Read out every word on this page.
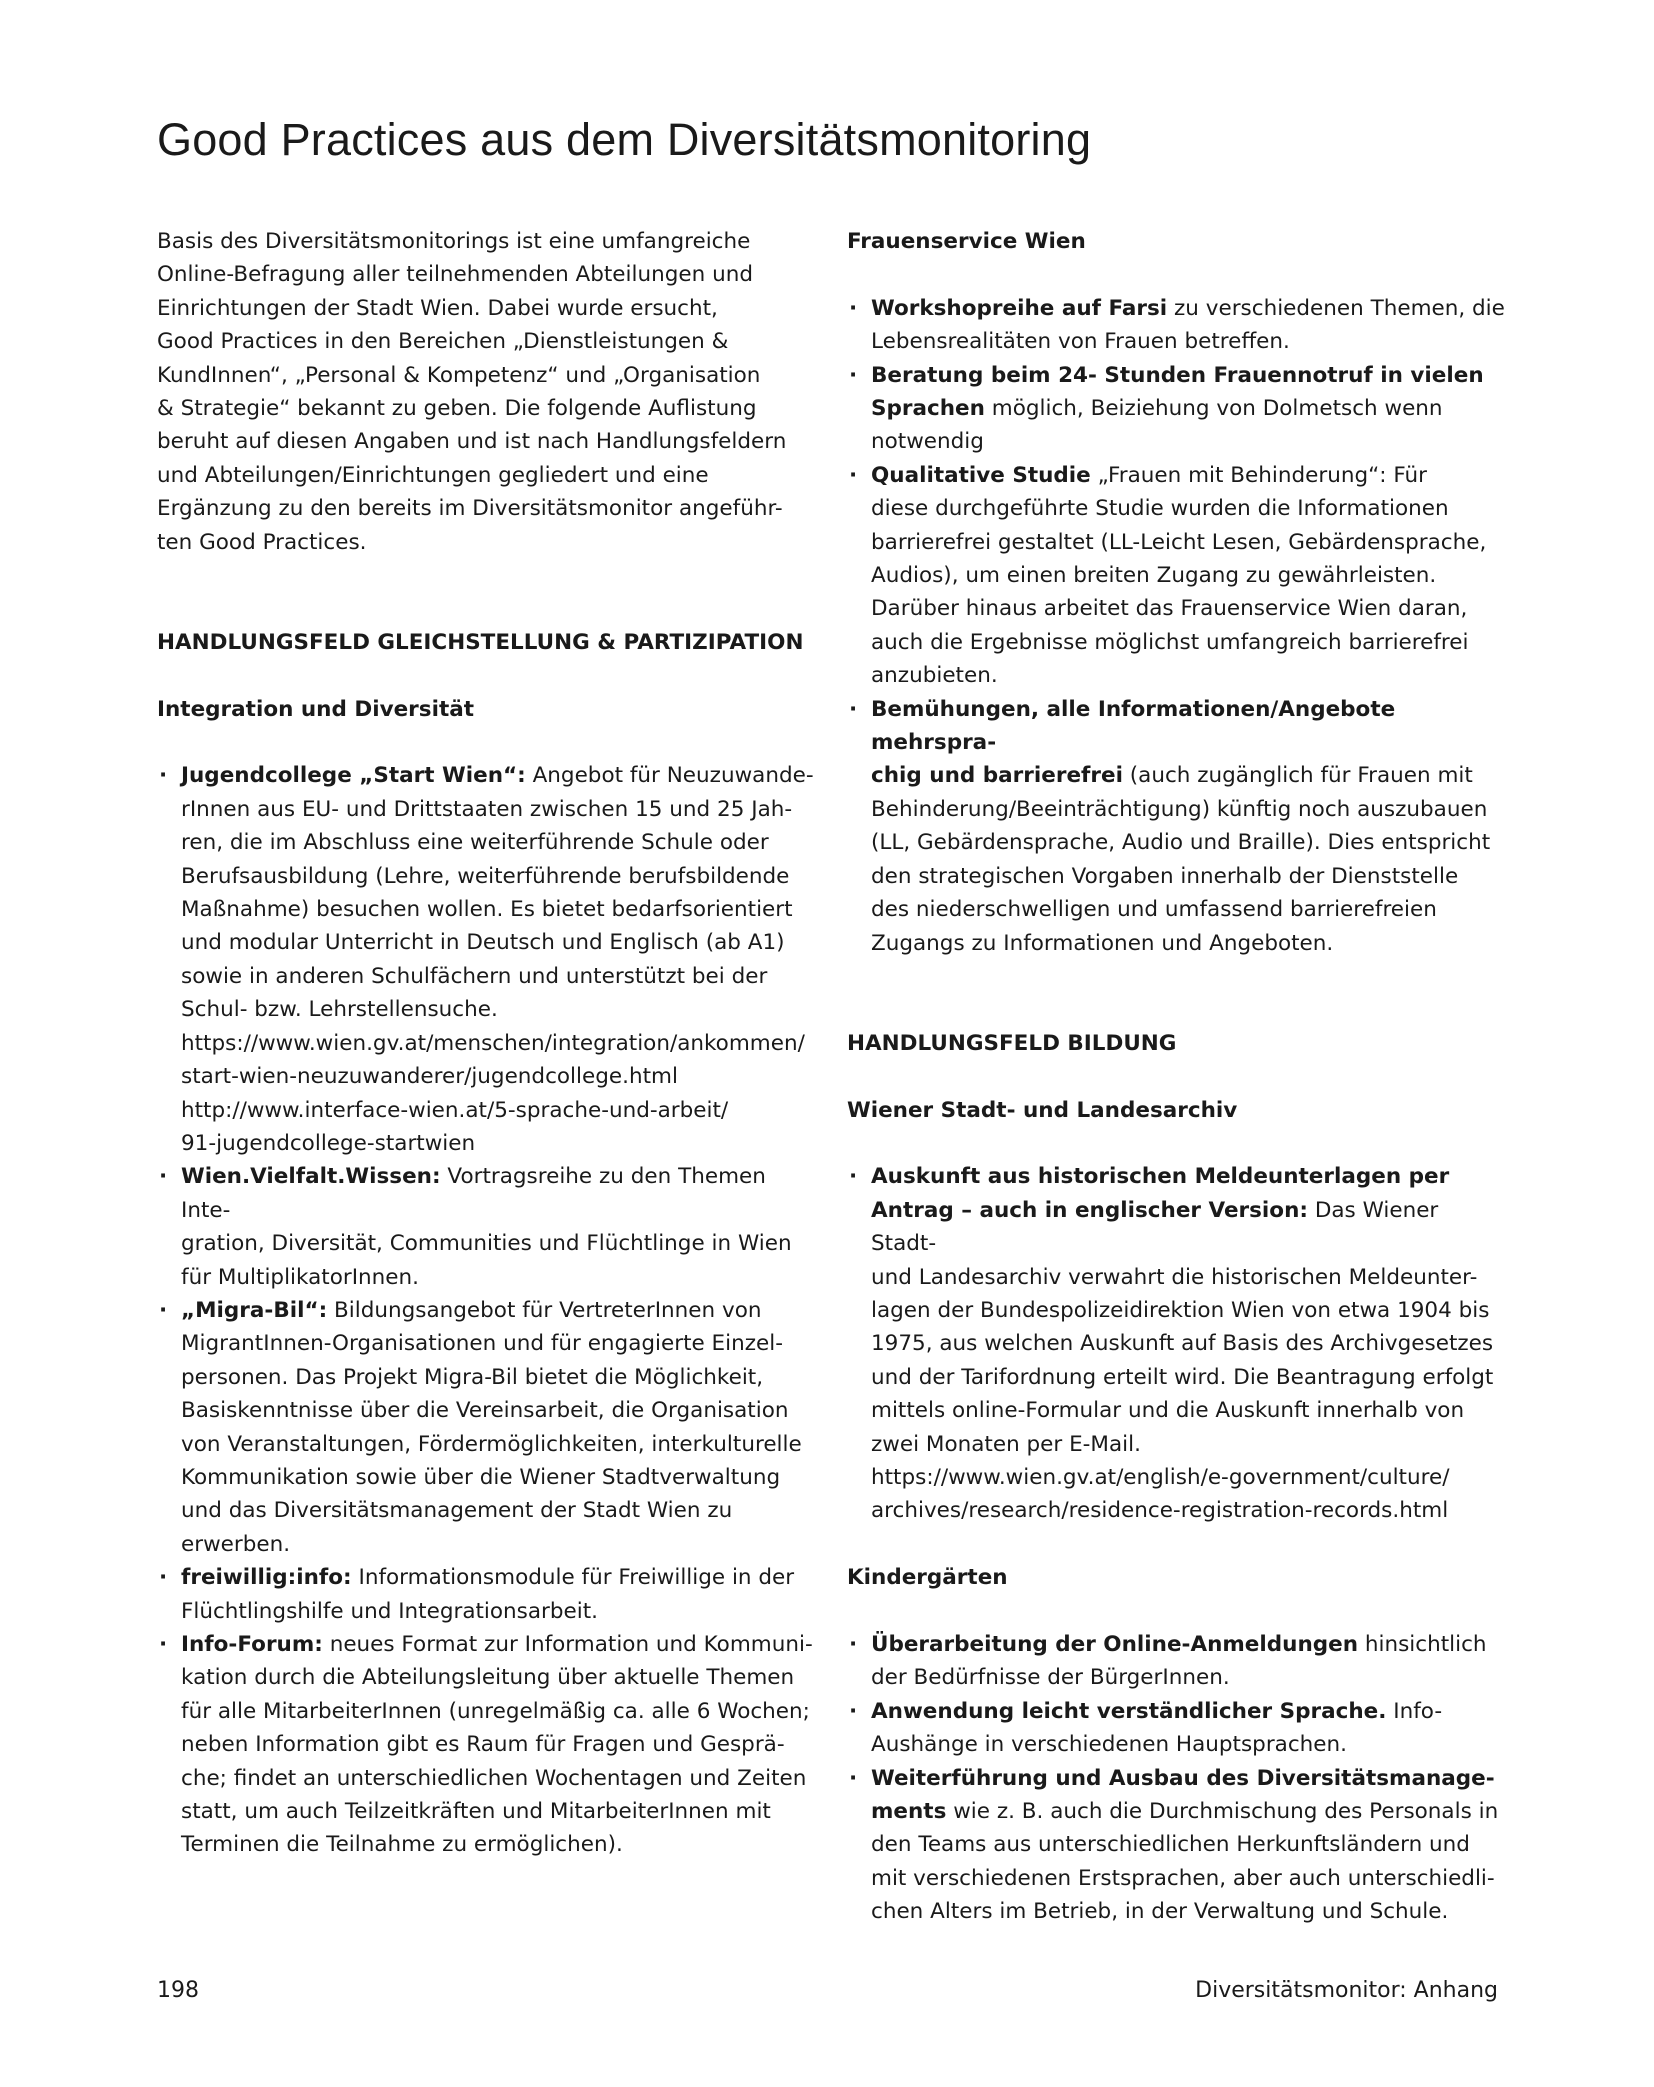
Good Practices aus dem Diversitätsmonitoring

Basis des Diversitätsmonitorings ist eine umfangreiche
Online-Befragung aller teilnehmenden Abteilungen und
Einrichtungen der Stadt Wien. Dabei wurde ersucht,
Good Practices in den Bereichen „Dienstleistungen &
KundInnen“, „Personal & Kompetenz“ und „Organisation
& Strategie“ bekannt zu geben. Die folgende Auflistung
beruht auf diesen Angaben und ist nach Handlungsfeldern
und Abteilungen/Einrichtungen gegliedert und eine
Ergänzung zu den bereits im Diversitätsmonitor angeführ-
ten Good Practices.

HANDLUNGSFELD GLEICHSTELLUNG & PARTIZIPATION

Integration und Diversität

· Jugendcollege „Start Wien“: Angebot für Neuzuwande-
rInnen aus EU- und Drittstaaten zwischen 15 und 25 Jah-
ren, die im Abschluss eine weiterführende Schule oder
Berufsausbildung (Lehre, weiterführende berufsbildende
Maßnahme) besuchen wollen. Es bietet bedarfsorientiert
und modular Unterricht in Deutsch und Englisch (ab A1)
sowie in anderen Schulfächern und unterstützt bei der
Schul- bzw. Lehrstellensuche.
https://www.wien.gv.at/menschen/integration/ankommen/
start-wien-neuzuwanderer/jugendcollege.html
http://www.interface-wien.at/5-sprache-und-arbeit/
91-jugendcollege-startwien
· Wien.Vielfalt.Wissen: Vortragsreihe zu den Themen Inte-
gration, Diversität, Communities und Flüchtlinge in Wien
für MultiplikatorInnen.
· „Migra-Bil“: Bildungsangebot für VertreterInnen von
MigrantInnen-Organisationen und für engagierte Einzel-
personen. Das Projekt Migra-Bil bietet die Möglichkeit,
Basiskenntnisse über die Vereinsarbeit, die Organisation
von Veranstaltungen, Fördermöglichkeiten, interkulturelle
Kommunikation sowie über die Wiener Stadtverwaltung
und das Diversitätsmanagement der Stadt Wien zu
erwerben.
· freiwillig:info: Informationsmodule für Freiwillige in der
Flüchtlingshilfe und Integrationsarbeit.
· Info-Forum: neues Format zur Information und Kommuni-
kation durch die Abteilungsleitung über aktuelle Themen
für alle MitarbeiterInnen (unregelmäßig ca. alle 6 Wochen;
neben Information gibt es Raum für Fragen und Gesprä-
che; findet an unterschiedlichen Wochentagen und Zeiten
statt, um auch Teilzeitkräften und MitarbeiterInnen mit
Terminen die Teilnahme zu ermöglichen).

Frauenservice Wien

· Workshopreihe auf Farsi zu verschiedenen Themen, die
Lebensrealitäten von Frauen betreffen.
· Beratung beim 24- Stunden Frauennotruf in vielen
Sprachen möglich, Beiziehung von Dolmetsch wenn
notwendig
· Qualitative Studie „Frauen mit Behinderung“: Für
diese durchgeführte Studie wurden die Informationen
barrierefrei gestaltet (LL-Leicht Lesen, Gebärdensprache,
Audios), um einen breiten Zugang zu gewährleisten.
Darüber hinaus arbeitet das Frauenservice Wien daran,
auch die Ergebnisse möglichst umfangreich barrierefrei
anzubieten.
· Bemühungen, alle Informationen/Angebote mehrspra-
chig und barrierefrei (auch zugänglich für Frauen mit
Behinderung/Beeinträchtigung) künftig noch auszubauen
(LL, Gebärdensprache, Audio und Braille). Dies entspricht
den strategischen Vorgaben innerhalb der Dienststelle
des niederschwelligen und umfassend barrierefreien
Zugangs zu Informationen und Angeboten.

HANDLUNGSFELD BILDUNG

Wiener Stadt- und Landesarchiv

· Auskunft aus historischen Meldeunterlagen per
Antrag – auch in englischer Version: Das Wiener Stadt-
und Landesarchiv verwahrt die historischen Meldeunter-
lagen der Bundespolizeidirektion Wien von etwa 1904 bis
1975, aus welchen Auskunft auf Basis des Archivgesetzes
und der Tarifordnung erteilt wird. Die Beantragung erfolgt
mittels online-Formular und die Auskunft innerhalb von
zwei Monaten per E-Mail.
https://www.wien.gv.at/english/e-government/culture/
archives/research/residence-registration-records.html

Kindergärten

· Überarbeitung der Online-Anmeldungen hinsichtlich
der Bedürfnisse der BürgerInnen.
· Anwendung leicht verständlicher Sprache. Info-
Aushänge in verschiedenen Hauptsprachen.
· Weiterführung und Ausbau des Diversitätsmanage-
ments wie z. B. auch die Durchmischung des Personals in
den Teams aus unterschiedlichen Herkunftsländern und
mit verschiedenen Erstsprachen, aber auch unterschiedli-
chen Alters im Betrieb, in der Verwaltung und Schule.
198	Diversitätsmonitor: Anhang
